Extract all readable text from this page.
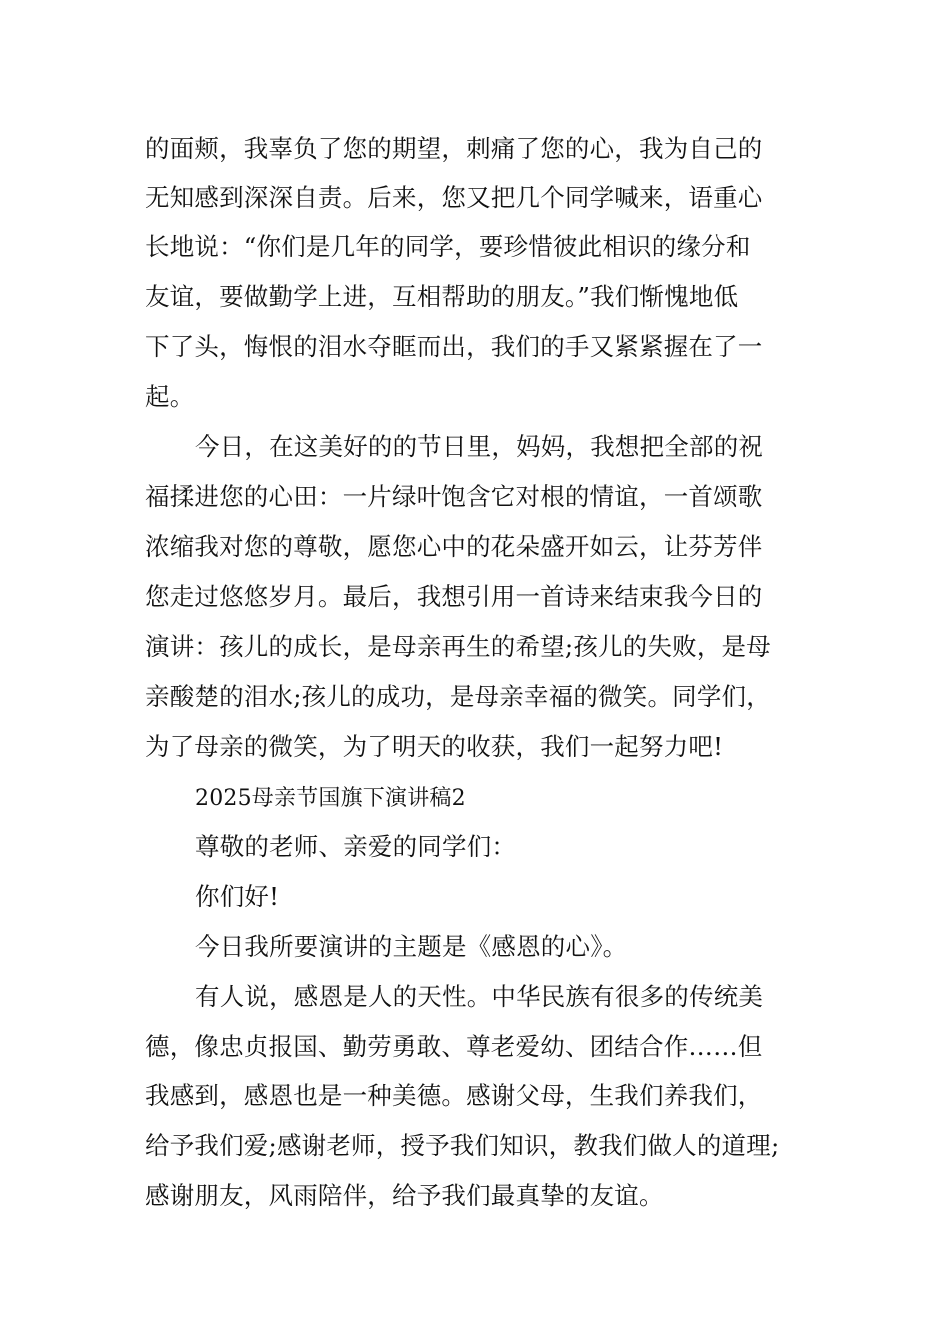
的面颊，我辜负了您的期望，刺痛了您的心，我为自己的
无知感到深深自责。后来，您又把几个同学喊来，语重心
长地说：“你们是几年的同学，要珍惜彼此相识的缘分和
友谊，要做勤学上进，互相帮助的朋友。”我们惭愧地低
下了头，悔恨的泪水夺眶而出，我们的手又紧紧握在了一
起。
今日，在这美好的的节日里，妈妈，我想把全部的祝
福揉进您的心田：一片绿叶饱含它对根的情谊，一首颂歌
浓缩我对您的尊敬，愿您心中的花朵盛开如云，让芬芳伴
您走过悠悠岁月。最后，我想引用一首诗来结束我今日的
演讲：孩儿的成长，是母亲再生的希望;孩儿的失败，是母
亲酸楚的泪水;孩儿的成功，是母亲幸福的微笑。同学们，
为了母亲的微笑，为了明天的收获，我们一起努力吧!
2025母亲节国旗下演讲稿2
尊敬的老师、亲爱的同学们：
你们好!
今日我所要演讲的主题是《感恩的心》。
有人说，感恩是人的天性。中华民族有很多的传统美
德，像忠贞报国、勤劳勇敢、尊老爱幼、团结合作……但
我感到，感恩也是一种美德。感谢父母，生我们养我们，
给予我们爱;感谢老师，授予我们知识，教我们做人的道理;
感谢朋友，风雨陪伴，给予我们最真挚的友谊。
